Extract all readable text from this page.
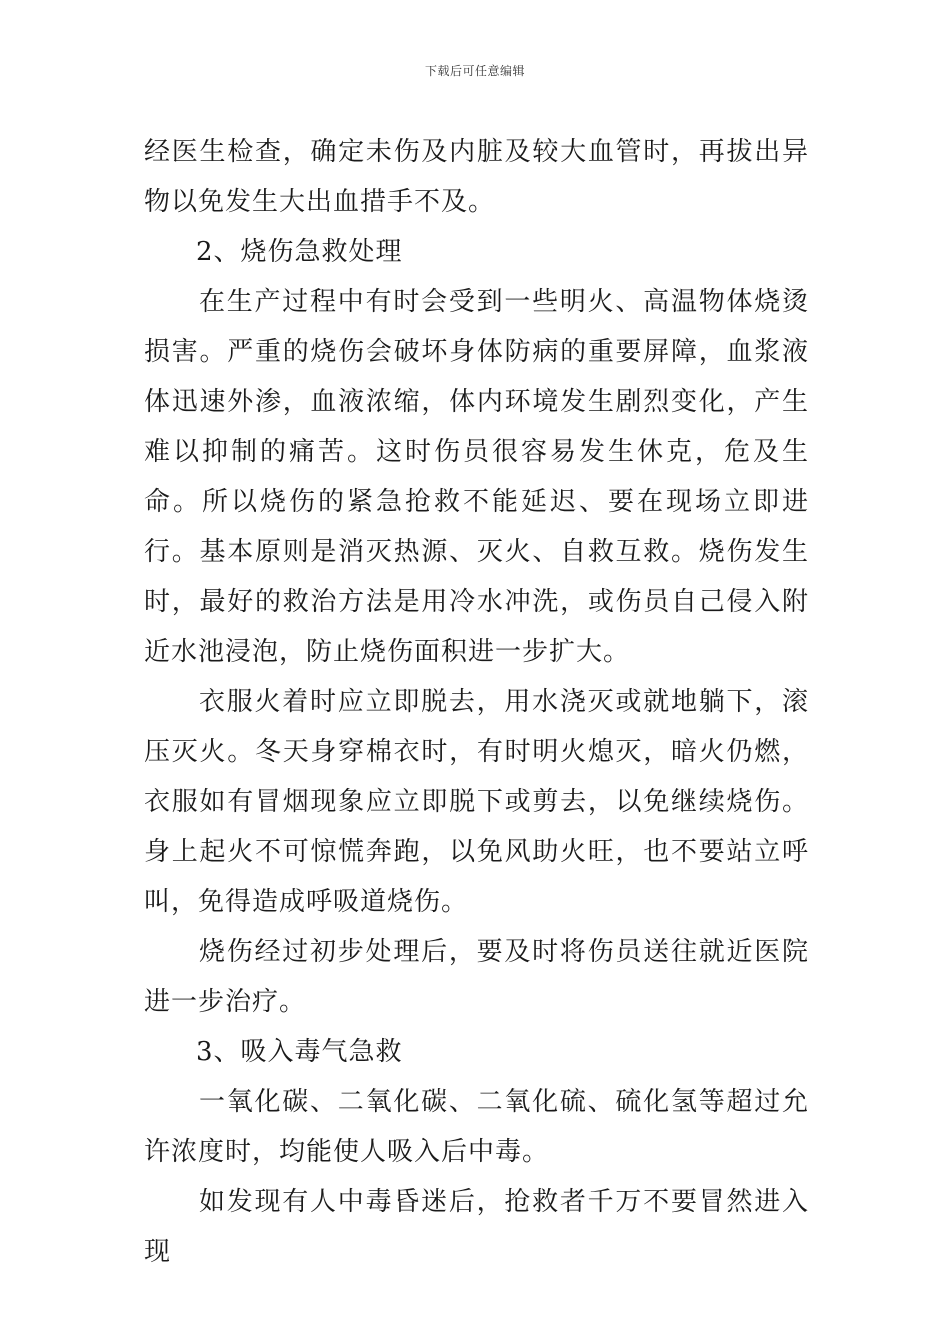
下载后可任意编辑

经医生检查，确定未伤及内脏及较大血管时，再拔出异物以免发生大出血措手不及。

2、烧伤急救处理

在生产过程中有时会受到一些明火、高温物体烧烫损害。严重的烧伤会破坏身体防病的重要屏障，血浆液体迅速外渗，血液浓缩，体内环境发生剧烈变化，产生难以抑制的痛苦。这时伤员很容易发生休克，危及生命。所以烧伤的紧急抢救不能延迟、要在现场立即进行。基本原则是消灭热源、灭火、自救互救。烧伤发生时，最好的救治方法是用冷水冲洗，或伤员自己侵入附近水池浸泡，防止烧伤面积进一步扩大。

衣服火着时应立即脱去，用水浇灭或就地躺下，滚压灭火。冬天身穿棉衣时，有时明火熄灭，暗火仍燃，衣服如有冒烟现象应立即脱下或剪去，以免继续烧伤。身上起火不可惊慌奔跑，以免风助火旺，也不要站立呼叫，免得造成呼吸道烧伤。

烧伤经过初步处理后，要及时将伤员送往就近医院进一步治疗。

3、吸入毒气急救

一氧化碳、二氧化碳、二氧化硫、硫化氢等超过允许浓度时，均能使人吸入后中毒。

如发现有人中毒昏迷后，抢救者千万不要冒然进入现
